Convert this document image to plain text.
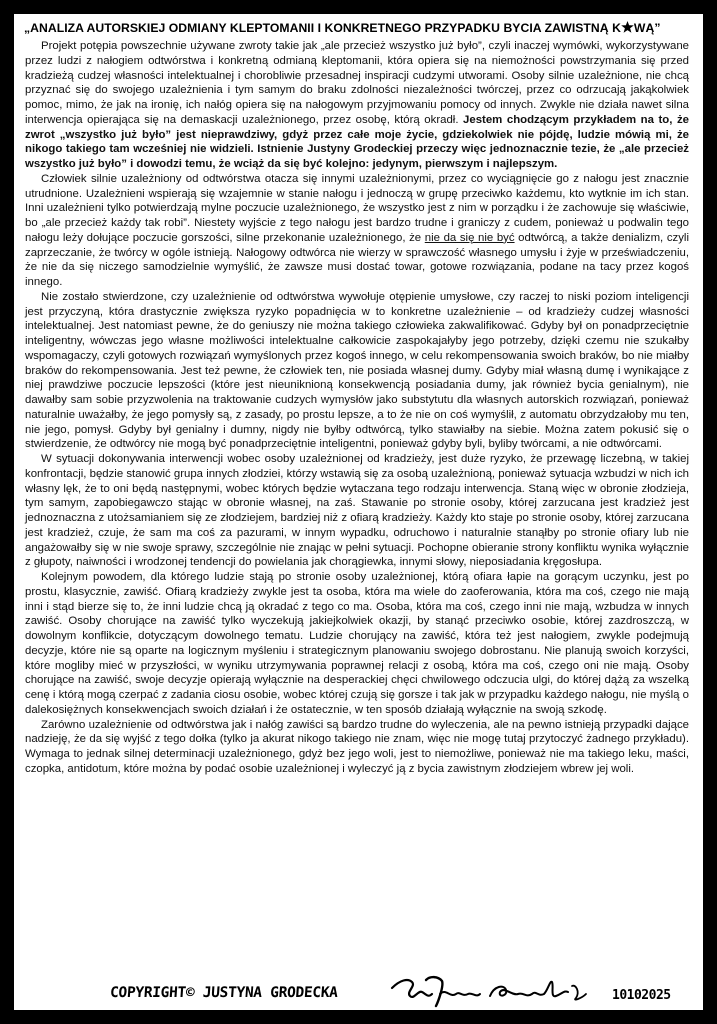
„ANALIZA AUTORSKIEJ ODMIANY KLEPTOMANII I KONKRETNEGO PRZYPADKU BYCIA ZAWISTNĄ K WĄ”

Projekt potępia powszechnie używane zwroty takie jak „ale przecież wszystko już było”, czyli inaczej wymówki, wykorzystywane przez ludzi z nałogiem odtwórstwa i konkretną odmianą kleptomanii, która opiera się na niemożności powstrzymania się przed kradzieżą cudzej własności intelektualnej i chorobliwie przesadnej inspiracji cudzymi utworami. Osoby silnie uzależnione, nie chcą przyznać się do swojego uzależnienia i tym samym do braku zdolności niezależności twórczej, przez co odrzucają jakąkolwiek pomoc, mimo, że jak na ironię, ich nałóg opiera się na nałogowym przyjmowaniu pomocy od innych. Zwykle nie działa nawet silna interwencja opierająca się na demaskacji uzależnionego, przez osobę, którą okradł. Jestem chodzącym przykładem na to, że zwrot „wszystko już było” jest nieprawdziwy, gdyż przez całe moje życie, gdziekolwiek nie pójdę, ludzie mówią mi, że nikogo takiego tam wcześniej nie widzieli. Istnienie Justyny Grodeckiej przeczy więc jednoznacznie tezie, że „ale przecież wszystko już było” i dowodzi temu, że wciąż da się być kolejno: jedynym, pierwszym i najlepszym.

Człowiek silnie uzależniony od odtwórstwa otacza się innymi uzależnionymi, przez co wyciągnięcie go z nałogu jest znacznie utrudnione. Uzależnieni wspierają się wzajemnie w stanie nałogu i jednoczą w grupę przeciwko każdemu, kto wytknie im ich stan. Inni uzależnieni tylko potwierdzają mylne poczucie uzależnionego, że wszystko jest z nim w porządku i że zachowuje się właściwie, bo „ale przecież każdy tak robi”. Niestety wyjście z tego nałogu jest bardzo trudne i graniczy z cudem, ponieważ u podwalin tego nałogu leży dołujące poczucie gorszości, silne przekonanie uzależnionego, że nie da się nie być odtwórcą, a także denializm, czyli zaprzeczanie, że twórcy w ogóle istnieją. Nałogowy odtwórca nie wierzy w sprawczość własnego umysłu i żyje w przeświadczeniu, że nie da się niczego samodzielnie wymyślić, że zawsze musi dostać towar, gotowe rozwiązania, podane na tacy przez kogoś innego.

Nie zostało stwierdzone, czy uzależnienie od odtwórstwa wywołuje otępienie umysłowe, czy raczej to niski poziom inteligencji jest przyczyną, która drastycznie zwiększa ryzyko popadnięcia w to konkretne uzależnienie – od kradzieży cudzej własności intelektualnej. Jest natomiast pewne, że do geniuszy nie można takiego człowieka zakwalifikować. Gdyby był on ponadprzeciętnie inteligentny, wówczas jego własne możliwości intelektualne całkowicie zaspokajałyby jego potrzeby, dzięki czemu nie szukałby wspomagaczy, czyli gotowych rozwiązań wymyślonych przez kogoś innego, w celu rekompensowania swoich braków, bo nie miałby braków do rekompensowania. Jest też pewne, że człowiek ten, nie posiada własnej dumy. Gdyby miał własną dumę i wynikające z niej prawdziwe poczucie lepszości (które jest nieuniknioną konsekwencją posiadania dumy, jak również bycia genialnym), nie dawałby sam sobie przyzwolenia na traktowanie cudzych wymysłów jako substytutu dla własnych autorskich rozwiązań, ponieważ naturalnie uważałby, że jego pomysły są, z zasady, po prostu lepsze, a to że nie on coś wymyślił, z automatu obrzydzałoby mu ten, nie jego, pomysł. Gdyby był genialny i dumny, nigdy nie byłby odtwórcą, tylko stawiałby na siebie. Można zatem pokusić się o stwierdzenie, że odtwórcy nie mogą być ponadprzeciętnie inteligentni, ponieważ gdyby byli, byliby twórcami, a nie odtwórcami.

W sytuacji dokonywania interwencji wobec osoby uzależnionej od kradzieży, jest duże ryzyko, że przewagę liczebną, w takiej konfrontacji, będzie stanowić grupa innych złodziei, którzy wstawią się za osobą uzależnioną, ponieważ sytuacja wzbudzi w nich ich własny lęk, że to oni będą następnymi, wobec których będzie wytaczana tego rodzaju interwencja. Staną więc w obronie złodzieja, tym samym, zapobiegawczo stając w obronie własnej, na zaś. Stawanie po stronie osoby, której zarzucana jest kradzież jest jednoznaczna z utożsamianiem się ze złodziejem, bardziej niż z ofiarą kradzieży. Każdy kto staje po stronie osoby, której zarzucana jest kradzież, czuje, że sam ma coś za pazurami, w innym wypadku, odruchowo i naturalnie stanąłby po stronie ofiary lub nie angażowałby się w nie swoje sprawy, szczególnie nie znając w pełni sytuacji. Pochopne obieranie strony konfliktu wynika wyłącznie z głupoty, naiwności i wrodzonej tendencji do powielania jak chorągiewka, innymi słowy, nieposiadania kręgosłupa.

Kolejnym powodem, dla którego ludzie stają po stronie osoby uzależnionej, którą ofiara łapie na gorącym uczynku, jest po prostu, klasycznie, zawiść. Ofiarą kradzieży zwykle jest ta osoba, która ma wiele do zaoferowania, która ma coś, czego nie mają inni i stąd bierze się to, że inni ludzie chcą ją okradać z tego co ma. Osoba, która ma coś, czego inni nie mają, wzbudza w innych zawiść. Osoby chorujące na zawiść tylko wyczekują jakiejkolwiek okazji, by stanąć przeciwko osobie, której zazdroszczą, w dowolnym konflikcie, dotyczącym dowolnego tematu. Ludzie chorujący na zawiść, która też jest nałogiem, zwykle podejmują decyzje, które nie są oparte na logicznym myśleniu i strategicznym planowaniu swojego dobrostanu. Nie planują swoich korzyści, które mogliby mieć w przyszłości, w wyniku utrzymywania poprawnej relacji z osobą, która ma coś, czego oni nie mają. Osoby chorujące na zawiść, swoje decyzje opierają wyłącznie na desperackiej chęci chwilowego odczucia ulgi, do której dążą za wszelką cenę i którą mogą czerpać z zadania ciosu osobie, wobec której czują się gorsze i tak jak w przypadku każdego nałogu, nie myślą o dalekosiężnych konsekwencjach swoich działań i że ostatecznie, w ten sposób działają wyłącznie na swoją szkodę.

Zarówno uzależnienie od odtwórstwa jak i nałóg zawiści są bardzo trudne do wyleczenia, ale na pewno istnieją przypadki dające nadzieję, że da się wyjść z tego dołka (tylko ja akurat nikogo takiego nie znam, więc nie mogę tutaj przytoczyć żadnego przykładu). Wymaga to jednak silnej determinacji uzależnionego, gdyż bez jego woli, jest to niemożliwe, ponieważ nie ma takiego leku, maści, czopka, antidotum, które można by podać osobie uzależnionej i wyleczyć ją z bycia zawistnym złodziejem wbrew jej woli.

COPYRIGHT© JUSTYNA GRODECKA	10102025
